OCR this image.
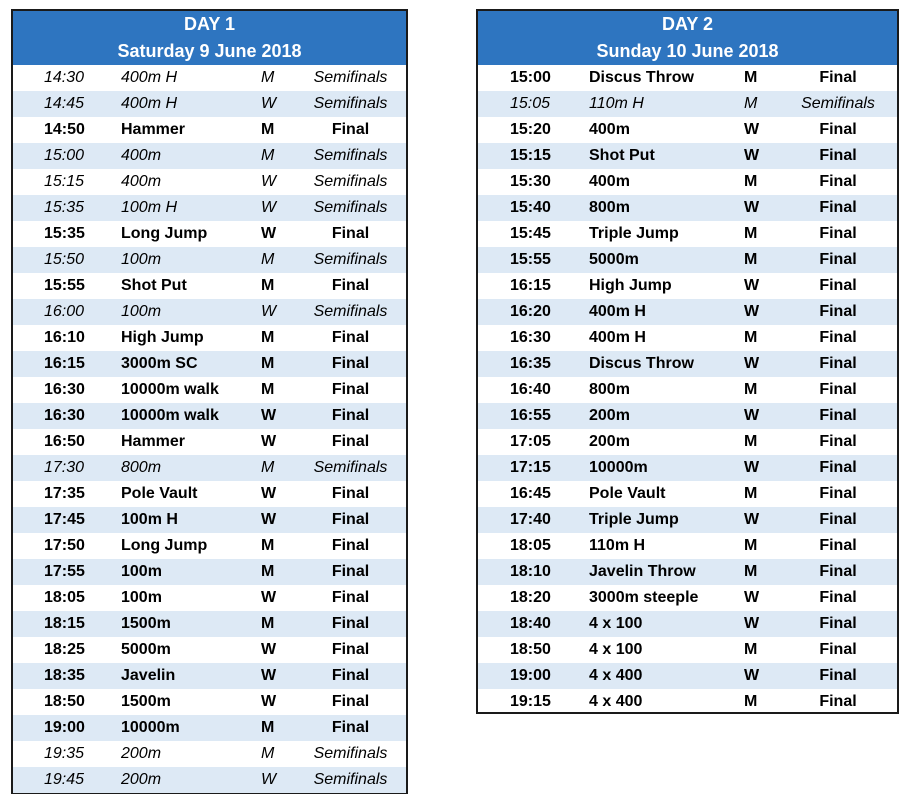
DAY 1
Saturday 9 June 2018
14:30 400m H	M	Semifinals
14:45 400m H	W	Semifinals
14:50 Hammer	M	Final
15:00 400m	M	Semifinals
15:15 400m	W	Semifinals
15:35 100m H	W	Semifinals
15:35 Long Jump	W	Final
15:50 100m	M	Semifinals
15:55 Shot Put	M	Final
16:00 100m	W	Semifinals
16:10 High Jump	M	Final
16:15 3000m SC	M	Final
16:30 10000m walk	M	Final
16:30 10000m walk	W	Final
16:50 Hammer	W	Final
17:30 800m	M	Semifinals
17:35 Pole Vault	W	Final
17:45 100m H	W	Final
17:50 Long Jump	M	Final
17:55 100m	M	Final
18:05 100m	W	Final
18:15 1500m	M	Final
18:25 5000m	W	Final
18:35 Javelin	W	Final
18:50 1500m	W	Final
19:00 10000m	M	Final
19:35 200m	M	Semifinals
19:45 200m	W	Semifinals
DAY 2
Sunday 10 June 2018
15:00 Discus Throw	M	Final
15:05 110m H	M	Semifinals
15:20 400m	W	Final
15:15 Shot Put	W	Final
15:30 400m	M	Final
15:40 800m	W	Final
15:45 Triple Jump	M	Final
15:55 5000m	M	Final
16:15 High Jump	W	Final
16:20 400m H	W	Final
16:30 400m H	M	Final
16:35 Discus Throw	W	Final
16:40 800m	M	Final
16:55 200m	W	Final
17:05 200m	M	Final
17:15 10000m	W	Final
16:45 Pole Vault	M	Final
17:40 Triple Jump	W	Final
18:05 110m H	M	Final
18:10 Javelin Throw	M	Final
18:20 3000m steeple	W	Final
18:40 4 x 100	W	Final
18:50 4 x 100	M	Final
19:00 4 x 400	W	Final
19:15 4 x 400	M	Final
